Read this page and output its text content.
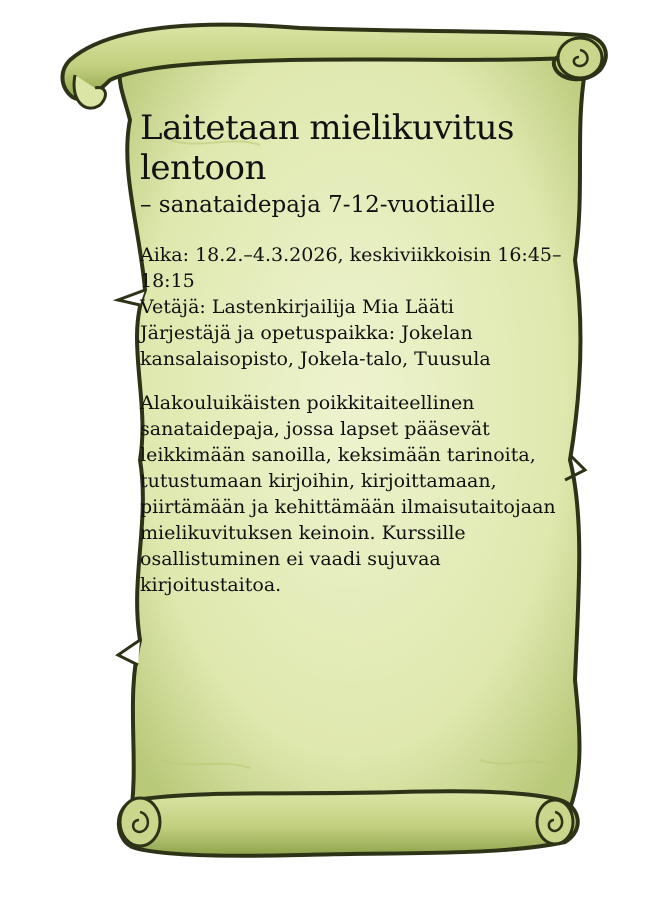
Laitetaan mielikuvitus lentoon
– sanataidepaja 7-12-vuotiaille
Aika: 18.2.–4.3.2026, keskiviikkoisin 16:45–18:15
Vetäjä: Lastenkirjailija Mia Lääti
Järjestäjä ja opetuspaikka: Jokelan kansalaisopisto, Jokela-talo, Tuusula
Alakouluikäisten poikkitaiteellinen sanataidepaja, jossa lapset pääsevät leikkimään sanoilla, keksimään tarinoita, tutustumaan kirjoihin, kirjoittamaan, piirtämään ja kehittämään ilmaisutaitojaan mielikuvituksen keinoin. Kurssille osallistuminen ei vaadi sujuvaa kirjoitustaitoa.
